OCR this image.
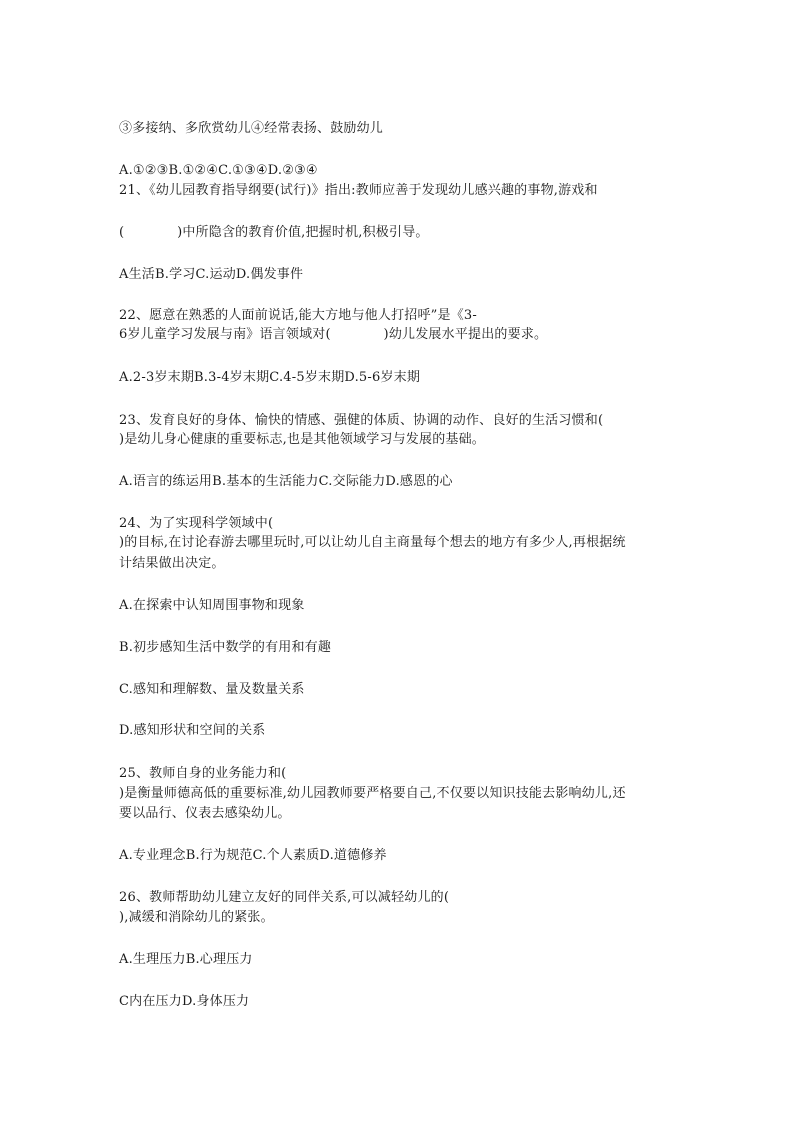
③多接纳、多欣赏幼儿④经常表扬、鼓励幼儿
A.①②③B.①②④C.①③④D.②③④
21、《幼儿园教育指导纲要(试行)》指出:教师应善于发现幼儿感兴趣的事物,游戏和
(　　　　)中所隐含的教育价值,把握时机,积极引导。
A生活B.学习C.运动D.偶发事件
22、愿意在熟悉的人面前说话,能大方地与他人打招呼”是《3-
6岁儿童学习发展与南》语言领域对(　　　　)幼儿发展水平提出的要求。
A.2-3岁末期B.3-4岁末期C.4-5岁末期D.5-6岁末期
23、发育良好的身体、愉快的情感、强健的体质、协调的动作、良好的生活习惯和(
)是幼儿身心健康的重要标志,也是其他领域学习与发展的基础。
A.语言的练运用B.基本的生活能力C.交际能力D.感恩的心
24、为了实现科学领域中(
)的目标,在讨论春游去哪里玩时,可以让幼儿自主商量每个想去的地方有多少人,再根据统
计结果做出决定。
A.在探索中认知周围事物和现象
B.初步感知生活中数学的有用和有趣
C.感知和理解数、量及数量关系
D.感知形状和空间的关系
25、教师自身的业务能力和(
)是衡量师德高低的重要标准,幼儿园教师要严格要自己,不仅要以知识技能去影响幼儿,还
要以品行、仪表去感染幼儿。
A.专业理念B.行为规范C.个人素质D.道德修养
26、教师帮助幼儿建立友好的同伴关系,可以减轻幼儿的(
),减缓和消除幼儿的紧张。
A.生理压力B.心理压力
C内在压力D.身体压力
